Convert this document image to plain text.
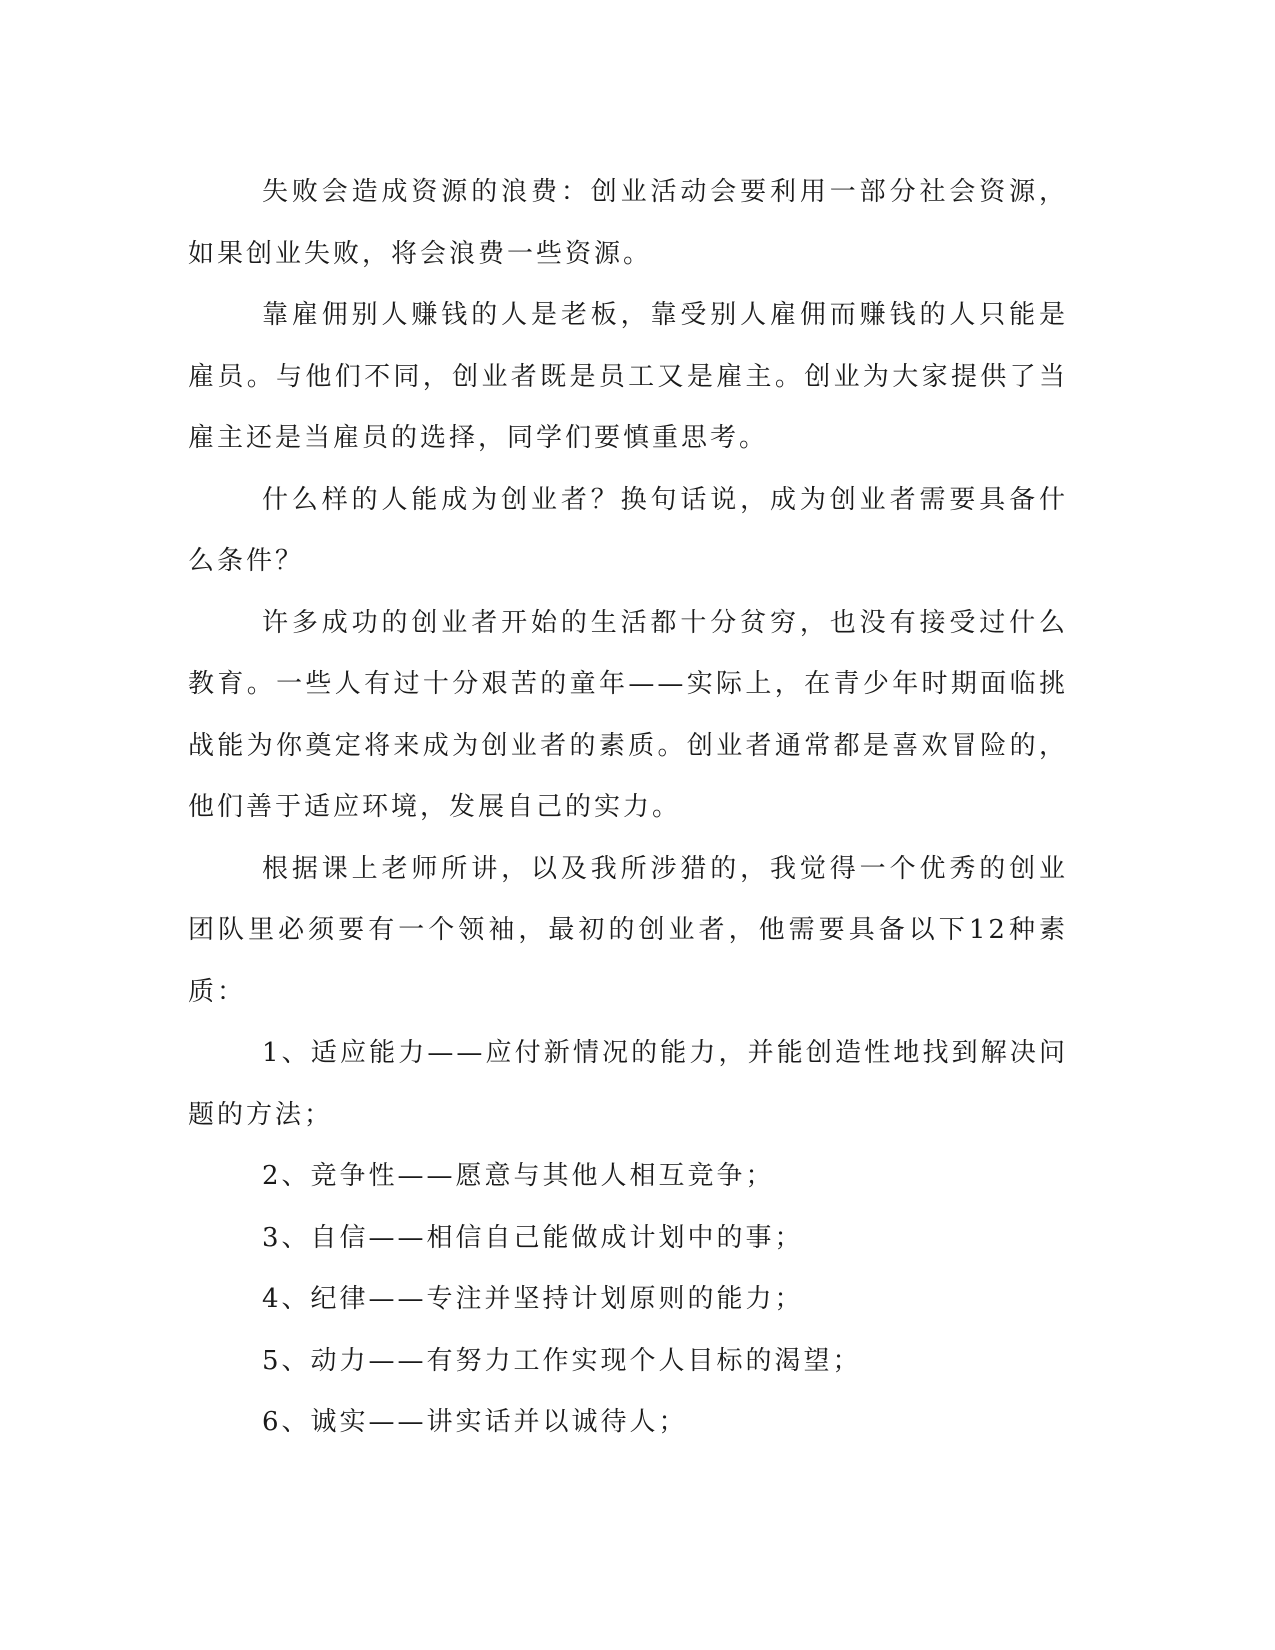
失败会造成资源的浪费：创业活动会要利用一部分社会资源，如果创业失败，将会浪费一些资源。

靠雇佣别人赚钱的人是老板，靠受别人雇佣而赚钱的人只能是雇员。与他们不同，创业者既是员工又是雇主。创业为大家提供了当雇主还是当雇员的选择，同学们要慎重思考。

什么样的人能成为创业者？换句话说，成为创业者需要具备什么条件？

许多成功的创业者开始的生活都十分贫穷，也没有接受过什么教育。一些人有过十分艰苦的童年——实际上，在青少年时期面临挑战能为你奠定将来成为创业者的素质。创业者通常都是喜欢冒险的，他们善于适应环境，发展自己的实力。

根据课上老师所讲，以及我所涉猎的，我觉得一个优秀的创业团队里必须要有一个领袖，最初的创业者，他需要具备以下12种素质：

1、适应能力——应付新情况的能力，并能创造性地找到解决问题的方法；

2、竞争性——愿意与其他人相互竞争；

3、自信——相信自己能做成计划中的事；

4、纪律——专注并坚持计划原则的能力；

5、动力——有努力工作实现个人目标的渴望；

6、诚实——讲实话并以诚待人；
